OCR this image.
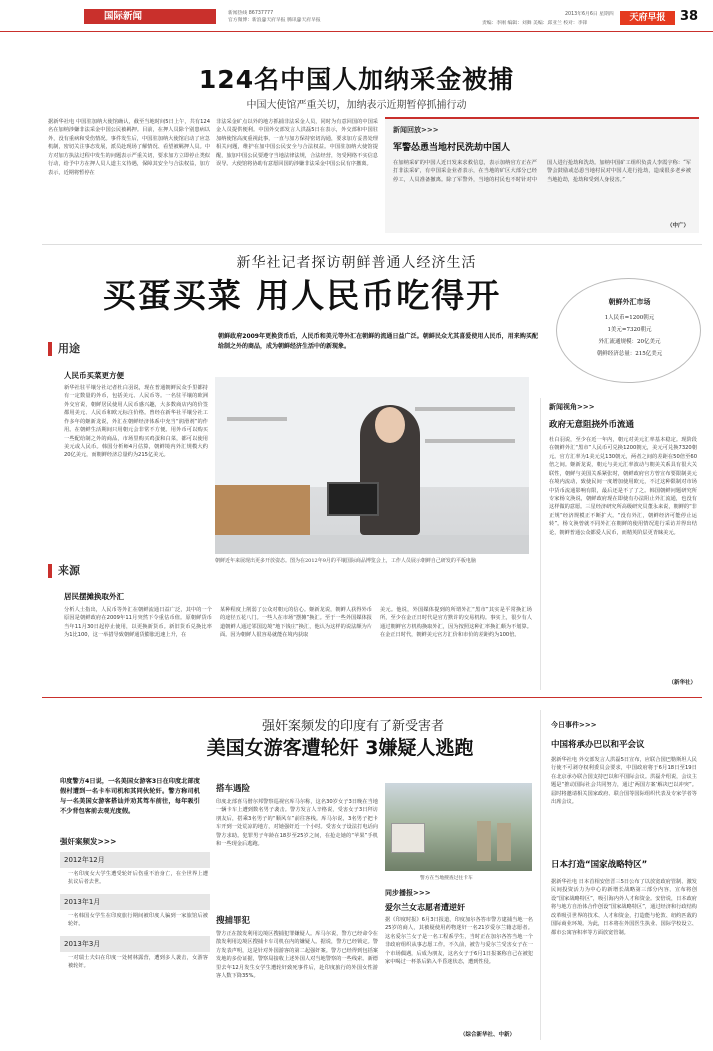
国际新闻	新闻热线 86737777
官方微博：新浪@天府早报 腾讯@天府早报
责编：李刚 编辑：刘舞 美编：邱亚兰 校对：李锋
2013年6月6日 星期四	天府早报	38
124名中国人加纳采金被捕
中国大使馆严重关切，加纳表示近期暂停抓捕行动
据新华社电 中国驻加纳大使馆确认，截至当地时间5日上午，共有124名在加纳涉嫌非法采金中国公民被羁押。目前，在押人员除个别患病以外，没有重病和受伤情况。事件发生后，中国驻加纳大使馆启动了应急机制，密切关注事态发展，派员赴现场了解情况、看望被羁押人员。中方对加方执法过程中发生的问题表示严重关切，要求加方立即停止类似行动，给予中方在押人员人道主义待遇，保障其安全与合法权益，加方表示，近期将暂停在
非法采金矿点以外的地方抓捕非法采金人员，同时为有意回国的中国采金人员提供便利。中国外交部发言人洪磊5日在表示，外交部和中国驻加纳使馆高度重视此事，一直与加方保持密切沟通，要求加方妥善处理相关问题，维护在加中国公民安全与合法权益。中国驻加纳大使馆提醒，旅加中国公民要遵守当地法律法规，合法经营，勿受网络不实信息误导。大使馆将协助有意愿回国的涉嫌非法采金中国公民有序撤离。
新闻回放>>>
军警怂恿当地村民洗劫中国人
在加纳采矿的中国人近日发来求救信息，表示加纳官方正在严打非法采矿，有中国采金业者表示，在当地的矿区大部分已经停工，人员准备撤离。除了军警外，当地的村民也不时针对中国人进行抢劫和洗劫。加纳中国矿工组织负责人李霞宇称：“军警会鼓励或怂恿当地村民对中国人进行抢劫，造成很多老乡被当地抢劫，抢劫和受到人身侵害。”
（中广）
新华社记者探访朝鲜普通人经济生活
买蛋买菜 用人民币吃得开	朝鲜外汇市场
1人民币=1200朝元
1美元=7320朝元
外汇流通规模：20亿美元
朝鲜经济总量：215亿美元
朝鲜政府2009年更换货币后，人民币和美元等外汇在朝鲜的流通日益广泛。朝鲜民众尤其喜爱使用人民币，用来购买配给制之外的商品，成为朝鲜经济生活中的新现象。
用途
人民币买菜更方便
新华社驻平壤分社记者杜白羽说，现在普通朝鲜民众手里都持有一定数量的外币，包括美元、人民币等。一名驻平壤的欧洲外交官说，朝鲜居民使用人民币感兴趣，大多数商店内的价签都用美元、人民币和欧元标注价格。曾经在新华社平壤分社工作多年的姬新龙说，外汇在朝鲜经济体系中充当“润滑剂”的作用。在朝鲜生活期间只用朝元会非常不方便。用外币可以购买一些配给制之外的商品，市场里购买鸡蛋和白菜，都可以使用美元或人民币。韩国分析师4月估算，朝鲜境内外汇规模大约20亿美元，而朝鲜经济总量约为215亿美元。
朝鲜近年来展现出更多开放姿态。图为在2012年9月的平壤国际商品博览会上，工作人员展示朝鲜自己研发的平板电脑
来源
居民摆摊换取外汇
分析人士指出，人民币等外汇在朝鲜流通日益广泛，其中的一个原因是朝鲜政府在2009年11月突然下令重估币值。原朝鲜货币当年11月30日起停止使用，以更换新货币。新旧货币兑换比率为1比100，这一举措导致朝鲜通货膨胀迅速上升，在
某种程度上削弱了公众对朝元的信心。姬新龙说，朝鲜人获得外币的途径五花八门。一些人在市场“摆摊”换汇。至于一些外国媒体报道朝鲜人通过邻国边境“地下钱庄”换汇，他认为这样的说法颇为片面。因为朝鲜人很容易就能在境内获取
美元。他说，外国媒体提到的所谓外汇“黑市”其实是平常换汇场所，至少在金正日时代是官方默许的交易机构。事实上，很少有人通过朝鲜官方机构换取外汇，因为按照这种汇率换汇颇为不划算。在金正日时代，朝鲜美元官方汇价和市价的差距约为100倍。
新闻视角>>>
政府无意阻挠外币流通
杜白羽说，至少在近一年内，朝元对美元汇率基本稳定。现阶段在朝鲜外汇“黑市”人民币可兑换1200朝元，美元可兑换7320朝元。官方汇率为1美元兑130朝元，两者之间的差距在50倍至60倍之间。姬新龙说，朝元与美元汇率波动与朝美关系具有很大关联性，朝鲜与美国关系紧张时，朝鲜政府官方曾宣布要限制美元在境内流动，致使民间一度增加使用欧元，不过这种限制对市场中货币流通影响有限，最后还是不了了之。韩国朝鲜问题研究所专家杨文涣说，朝鲜政府现在即使有办法阻止外汇流通，也没有这样做的意愿。三星经济研究所高级研究员董永来说，朝鲜的“非正规”经济规模正不断扩大。“没有外汇，朝鲜经济可能停止运转”。杨文涣曾就不同外汇在朝鲜的使用情况进行采访并得出结论，朝鲜普通公众都爱人民币，而精英阶层更青睐美元。
（新华社）
强奸案频发的印度有了新受害者
美国女游客遭轮奸 3嫌疑人逃跑
印度警方4日说，一名美国女游客3日在印度北部度假村遭到一名卡车司机和其同伙轮奸。警方称司机与一名美国女游客搭讪并劝其驾车前往，每年吸引不少背包客前去观光度假。
强奸案频发>>>
2012年12月
一名印度女大学生遭受轮奸后伤重不治身亡，在全世界上遭抗议后者去世。
2013年1月
一名韩国女学生在印度旅行期间被印度人骗到一家旅馆后被轮奸。
2013年3月
一对瑞士夫妇在印度一处树林露营，遭到多人袭击，女游客被轮奸。
搭车遇险
印度北部喜马偕尔邦警察巡视官库马尔称，这名30岁女子3日晚在当地一辆卡车上遭到数名男子袭击。警方发言人辛格说，受害女子3日拜访朋友后，搭乘3名男子的“顺风车”前往客栈。库马尔说，3名男子把卡车开到一处荒凉的地方，对她强奸近一个小时。受害女子设法打电话向警方求助。犯罪男子年龄在18岁至25岁之间，在抢走她的“苹果”手机和一些现金后逃跑。
搜捕罪犯
警方正在散发利用边境区搜捕犯罪嫌疑人。库马尔说，警方已经命令在散发利用边境区搜捕卡车司机在内的嫌疑人。据说，警方已经锁定。警方发表声明，这是针对外国游客的第二起强奸案。警方已经得到包括案发地的多份证据，警察局接收上述外国人对当地警察的一些线索。新德里去年12月发生女学生遭轮奸致死事件后，赴印度旅行的外国女性游客人数下降35%。
警方在当地搜查过往卡车
同步播报>>>
爱尔兰女志愿者遭逆奸
据《印度时报》6月3日报道，印度加尔各答市警方逮捕当地一名25岁的商人，其被疑使用药物迷奸一名21岁爱尔兰籍志愿者。这名爱尔兰女子是一名工程系学生，当时正在加尔各答当地一个非政府组织从事志愿工作。不久前，被告与爱尔兰受害女子在一个市场偶遇，后成为朋友，这名女子于6月1日报案称自己在被犯家中喝过一杯茶后陷入半昏迷状态，遭到性侵。
（综合新华社、中新）
今日事件>>>
中国将承办巴以和平会议
据新华社电 外交部发言人洪磊5日宣布，应联合国巴勒斯坦人民行使不可剥夺权利委员会要求，中国政府将于6月18日至19日在北京承办联合国支持巴以和平国际会议。洪磊介绍说，会议主题是“推动国际社会共同努力，通过‘两国方案’解决巴以冲突”。届时将邀请相关国家政府、联合国等国际组织代表及专家学者等出席会议。
日本打造“国家战略特区”
据新华社电 日本首相安倍晋三5日公布了以放宽政府管制、激发民间投资活力为中心的新增长战略第三部分内容，宣布将创设“国家战略特区”，吸引海内外人才和资金。安倍说，日本政府将与地方自治体合作创设“国家战略特区”，通过经济和行政结构改革吸引世界的技术、人才和资金，打造能与伦敦、纽约匹敌的国际商业环境。为此，日本将在外国医生执业、国际学校设立、都市公寓容积率等方面放宽管制。
